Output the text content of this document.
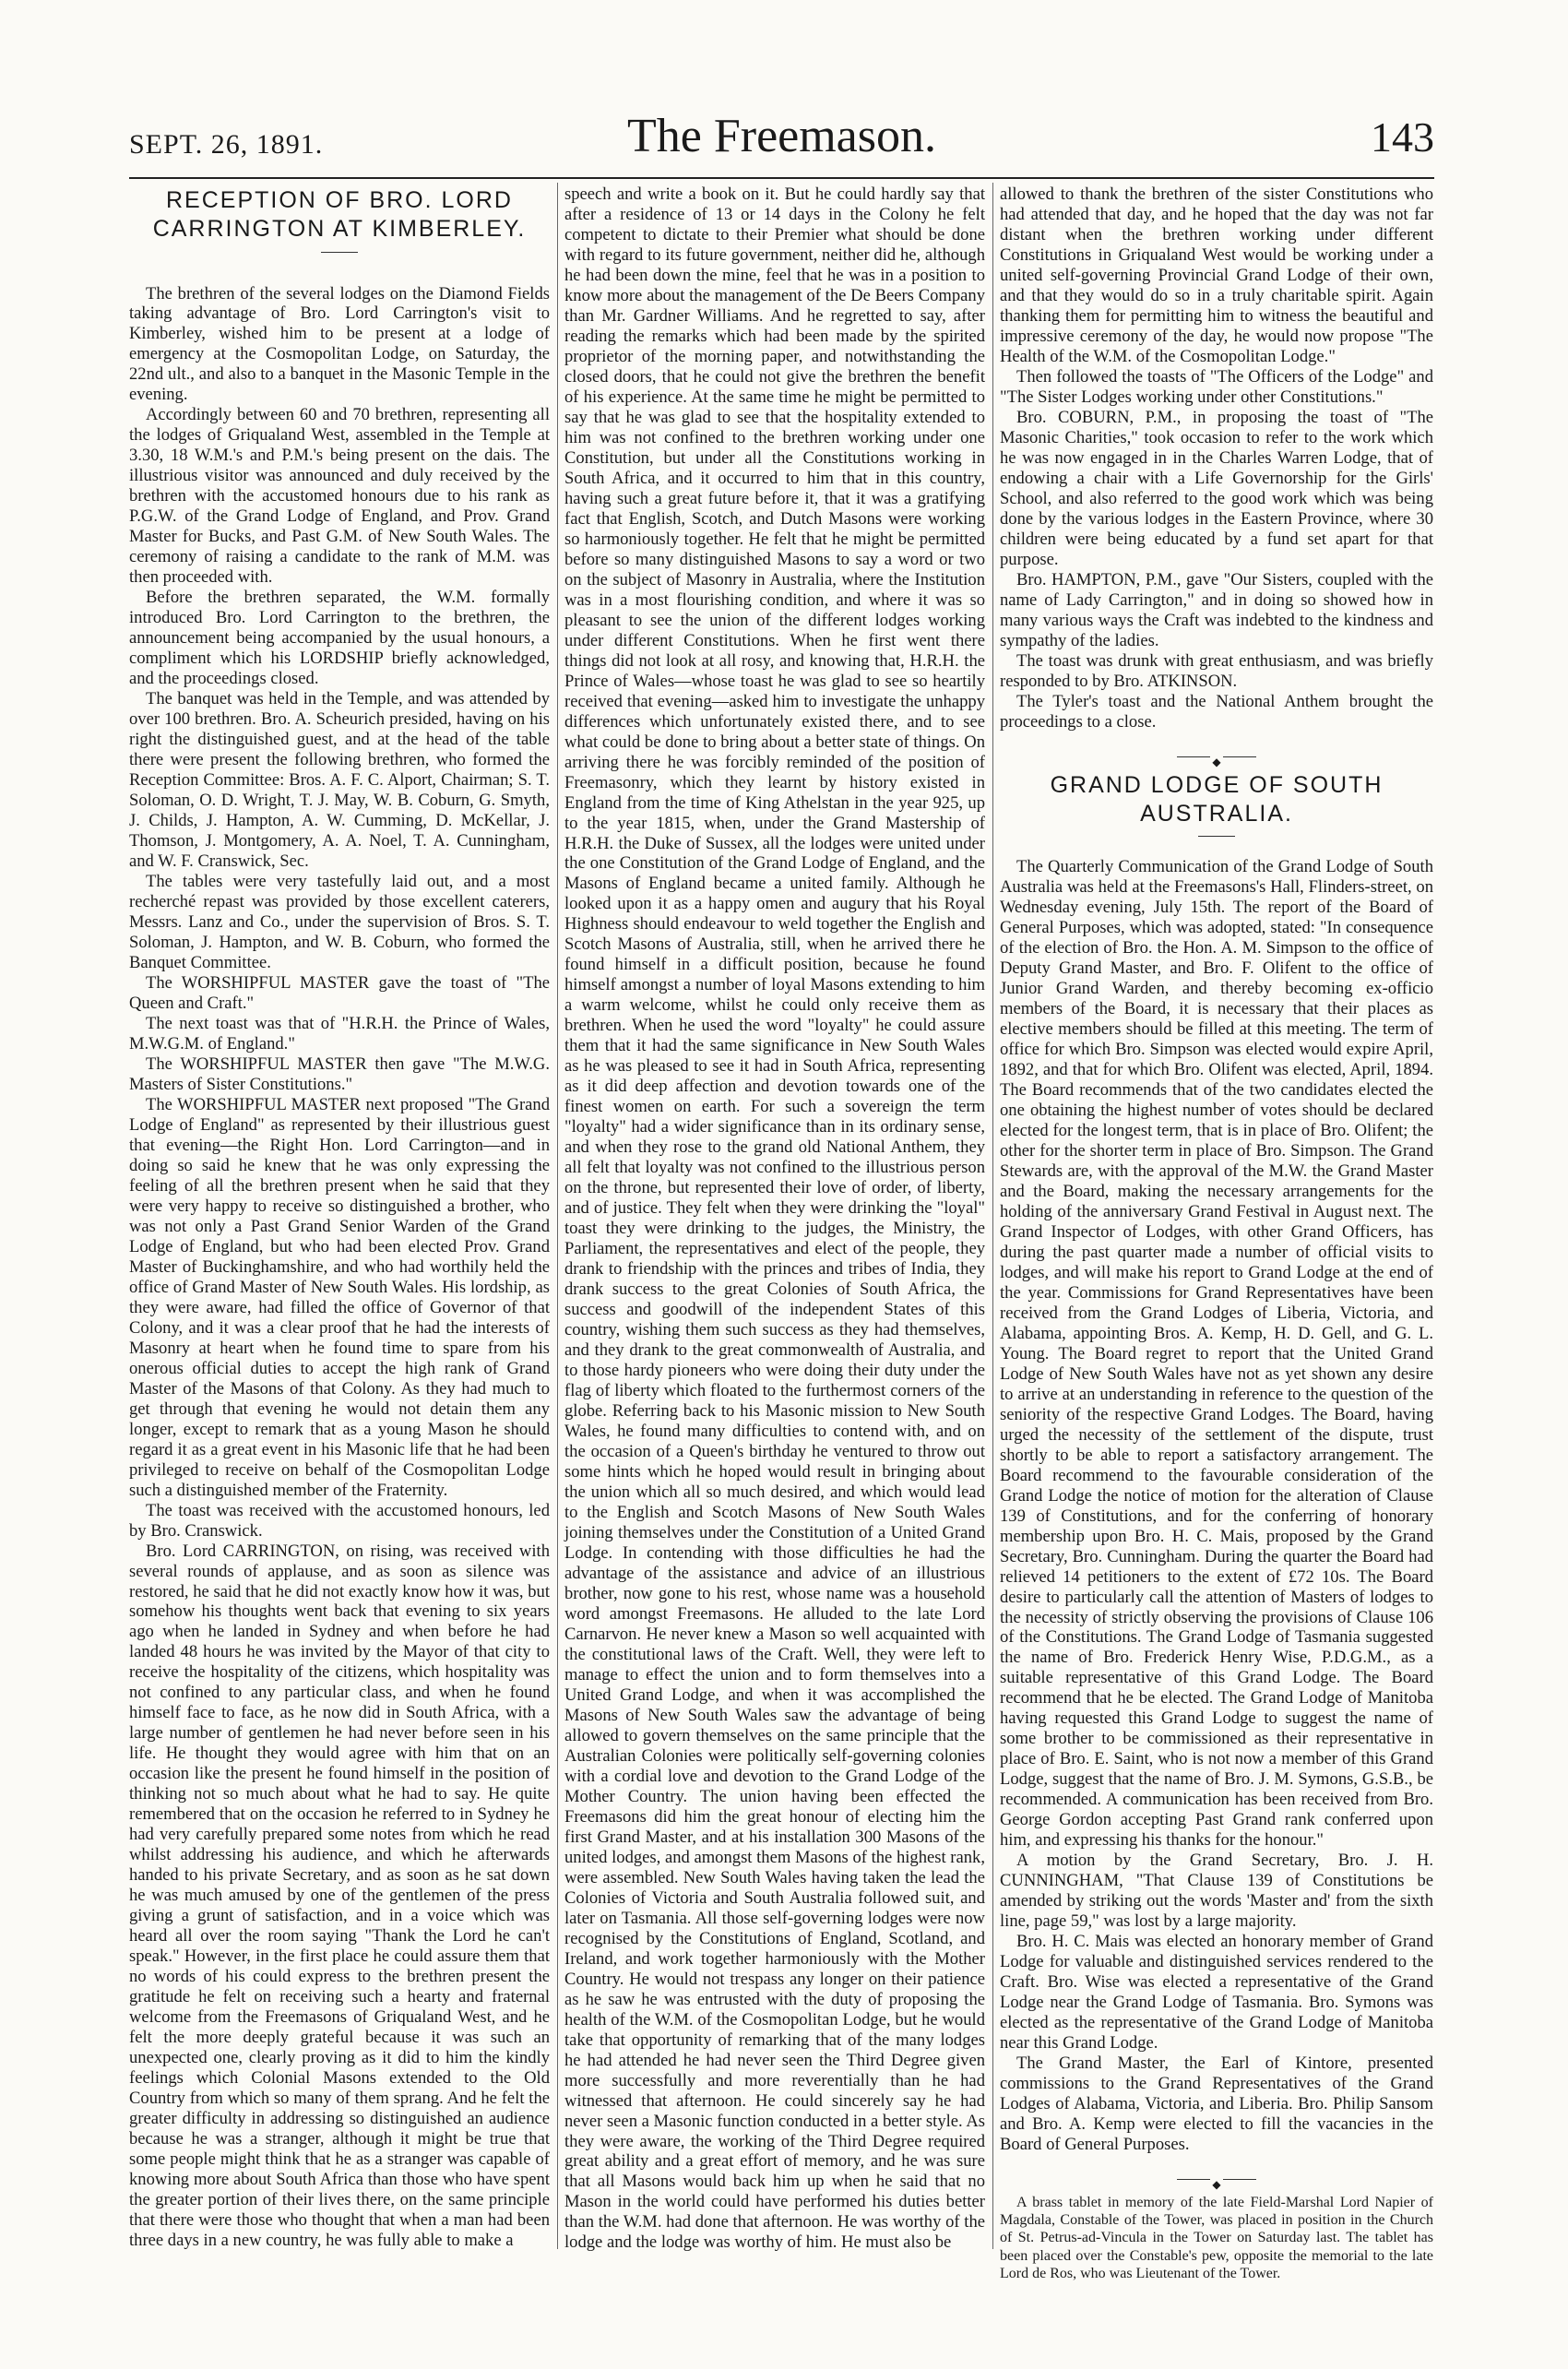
SEPT. 26, 1891.	The Freemason.	143
RECEPTION OF BRO. LORD CARRINGTON AT KIMBERLEY.

The brethren of the several lodges on the Diamond Fields taking advantage of Bro. Lord Carrington's visit to Kimberley, wished him to be present at a lodge of emergency at the Cosmopolitan Lodge, on Saturday, the 22nd ult., and also to a banquet in the Masonic Temple in the evening.

Accordingly between 60 and 70 brethren, representing all the lodges of Griqualand West, assembled in the Temple at 3.30, 18 W.M.'s and P.M.'s being present on the dais. The illustrious visitor was announced and duly received by the brethren with the accustomed honours due to his rank as P.G.W. of the Grand Lodge of England, and Prov. Grand Master for Bucks, and Past G.M. of New South Wales. The ceremony of raising a candidate to the rank of M.M. was then proceeded with.

Before the brethren separated, the W.M. formally introduced Bro. Lord Carrington to the brethren, the announcement being accompanied by the usual honours, a compliment which his LORDSHIP briefly acknowledged, and the proceedings closed.

The banquet was held in the Temple, and was attended by over 100 brethren. Bro. A. Scheurich presided, having on his right the distinguished guest, and at the head of the table there were present the following brethren, who formed the Reception Committee: Bros. A. F. C. Alport, Chairman; S. T. Soloman, O. D. Wright, T. J. May, W. B. Coburn, G. Smyth, J. Childs, J. Hampton, A. W. Cumming, D. McKellar, J. Thomson, J. Montgomery, A. A. Noel, T. A. Cunningham, and W. F. Cranswick, Sec.

The tables were very tastefully laid out, and a most recherché repast was provided by those excellent caterers, Messrs. Lanz and Co., under the supervision of Bros. S. T. Soloman, J. Hampton, and W. B. Coburn, who formed the Banquet Committee.

The WORSHIPFUL MASTER gave the toast of "The Queen and Craft."

The next toast was that of "H.R.H. the Prince of Wales, M.W.G.M. of England."

The WORSHIPFUL MASTER then gave "The M.W.G. Masters of Sister Constitutions."

The WORSHIPFUL MASTER next proposed "The Grand Lodge of England" as represented by their illustrious guest that evening—the Right Hon. Lord Carrington—and in doing so said he knew that he was only expressing the feeling of all the brethren present when he said that they were very happy to receive so distinguished a brother, who was not only a Past Grand Senior Warden of the Grand Lodge of England, but who had been elected Prov. Grand Master of Buckinghamshire, and who had worthily held the office of Grand Master of New South Wales. His lordship, as they were aware, had filled the office of Governor of that Colony, and it was a clear proof that he had the interests of Masonry at heart when he found time to spare from his onerous official duties to accept the high rank of Grand Master of the Masons of that Colony. As they had much to get through that evening he would not detain them any longer, except to remark that as a young Mason he should regard it as a great event in his Masonic life that he had been privileged to receive on behalf of the Cosmopolitan Lodge such a distinguished member of the Fraternity.

The toast was received with the accustomed honours, led by Bro. Cranswick.

Bro. Lord CARRINGTON, on rising, was received with several rounds of applause, and as soon as silence was restored, he said that he did not exactly know how it was, but somehow his thoughts went back that evening to six years ago when he landed in Sydney and when before he had landed 48 hours he was invited by the Mayor of that city to receive the hospitality of the citizens, which hospitality was not confined to any particular class, and when he found himself face to face, as he now did in South Africa, with a large number of gentlemen he had never before seen in his life. He thought they would agree with him that on an occasion like the present he found himself in the position of thinking not so much about what he had to say. He quite remembered that on the occasion he referred to in Sydney he had very carefully prepared some notes from which he read whilst addressing his audience, and which he afterwards handed to his private Secretary, and as soon as he sat down he was much amused by one of the gentlemen of the press giving a grunt of satisfaction, and in a voice which was heard all over the room saying "Thank the Lord he can't speak." However, in the first place he could assure them that no words of his could express to the brethren present the gratitude he felt on receiving such a hearty and fraternal welcome from the Freemasons of Griqualand West, and he felt the more deeply grateful because it was such an unexpected one, clearly proving as it did to him the kindly feelings which Colonial Masons extended to the Old Country from which so many of them sprang. And he felt the greater difficulty in addressing so distinguished an audience because he was a stranger, although it might be true that some people might think that he as a stranger was capable of knowing more about South Africa than those who have spent the greater portion of their lives there, on the same principle that there were those who thought that when a man had been three days in a new country, he was fully able to make a

speech and write a book on it. But he could hardly say that after a residence of 13 or 14 days in the Colony he felt competent to dictate to their Premier what should be done with regard to its future government, neither did he, although he had been down the mine, feel that he was in a position to know more about the management of the De Beers Company than Mr. Gardner Williams. And he regretted to say, after reading the remarks which had been made by the spirited proprietor of the morning paper, and notwithstanding the closed doors, that he could not give the brethren the benefit of his experience. At the same time he might be permitted to say that he was glad to see that the hospitality extended to him was not confined to the brethren working under one Constitution, but under all the Constitutions working in South Africa, and it occurred to him that in this country, having such a great future before it, that it was a gratifying fact that English, Scotch, and Dutch Masons were working so harmoniously together. He felt that he might be permitted before so many distinguished Masons to say a word or two on the subject of Masonry in Australia, where the Institution was in a most flourishing condition, and where it was so pleasant to see the union of the different lodges working under different Constitutions. When he first went there things did not look at all rosy, and knowing that, H.R.H. the Prince of Wales—whose toast he was glad to see so heartily received that evening—asked him to investigate the unhappy differences which unfortunately existed there, and to see what could be done to bring about a better state of things. On arriving there he was forcibly reminded of the position of Freemasonry, which they learnt by history existed in England from the time of King Athelstan in the year 925, up to the year 1815, when, under the Grand Mastership of H.R.H. the Duke of Sussex, all the lodges were united under the one Constitution of the Grand Lodge of England, and the Masons of England became a united family. Although he looked upon it as a happy omen and augury that his Royal Highness should endeavour to weld together the English and Scotch Masons of Australia, still, when he arrived there he found himself in a difficult position, because he found himself amongst a number of loyal Masons extending to him a warm welcome, whilst he could only receive them as brethren. When he used the word "loyalty" he could assure them that it had the same significance in New South Wales as he was pleased to see it had in South Africa, representing as it did deep affection and devotion towards one of the finest women on earth. For such a sovereign the term "loyalty" had a wider significance than in its ordinary sense, and when they rose to the grand old National Anthem, they all felt that loyalty was not confined to the illustrious person on the throne, but represented their love of order, of liberty, and of justice. They felt when they were drinking the "loyal" toast they were drinking to the judges, the Ministry, the Parliament, the representatives and elect of the people, they drank to friendship with the princes and tribes of India, they drank success to the great Colonies of South Africa, the success and goodwill of the independent States of this country, wishing them such success as they had themselves, and they drank to the great commonwealth of Australia, and to those hardy pioneers who were doing their duty under the flag of liberty which floated to the furthermost corners of the globe. Referring back to his Masonic mission to New South Wales, he found many difficulties to contend with, and on the occasion of a Queen's birthday he ventured to throw out some hints which he hoped would result in bringing about the union which all so much desired, and which would lead to the English and Scotch Masons of New South Wales joining themselves under the Constitution of a United Grand Lodge. In contending with those difficulties he had the advantage of the assistance and advice of an illustrious brother, now gone to his rest, whose name was a household word amongst Freemasons. He alluded to the late Lord Carnarvon. He never knew a Mason so well acquainted with the constitutional laws of the Craft. Well, they were left to manage to effect the union and to form themselves into a United Grand Lodge, and when it was accomplished the Masons of New South Wales saw the advantage of being allowed to govern themselves on the same principle that the Australian Colonies were politically self-governing colonies with a cordial love and devotion to the Grand Lodge of the Mother Country. The union having been effected the Freemasons did him the great honour of electing him the first Grand Master, and at his installation 300 Masons of the united lodges, and amongst them Masons of the highest rank, were assembled. New South Wales having taken the lead the Colonies of Victoria and South Australia followed suit, and later on Tasmania. All those self-governing lodges were now recognised by the Constitutions of England, Scotland, and Ireland, and work together harmoniously with the Mother Country. He would not trespass any longer on their patience as he saw he was entrusted with the duty of proposing the health of the W.M. of the Cosmopolitan Lodge, but he would take that opportunity of remarking that of the many lodges he had attended he had never seen the Third Degree given more successfully and more reverentially than he had witnessed that afternoon. He could sincerely say he had never seen a Masonic function conducted in a better style. As they were aware, the working of the Third Degree required great ability and a great effort of memory, and he was sure that all Masons would back him up when he said that no Mason in the world could have performed his duties better than the W.M. had done that afternoon. He was worthy of the lodge and the lodge was worthy of him. He must also be

allowed to thank the brethren of the sister Constitutions who had attended that day, and he hoped that the day was not far distant when the brethren working under different Constitutions in Griqualand West would be working under a united self-governing Provincial Grand Lodge of their own, and that they would do so in a truly charitable spirit. Again thanking them for permitting him to witness the beautiful and impressive ceremony of the day, he would now propose "The Health of the W.M. of the Cosmopolitan Lodge."

Then followed the toasts of "The Officers of the Lodge" and "The Sister Lodges working under other Constitutions."

Bro. COBURN, P.M., in proposing the toast of "The Masonic Charities," took occasion to refer to the work which he was now engaged in in the Charles Warren Lodge, that of endowing a chair with a Life Governorship for the Girls' School, and also referred to the good work which was being done by the various lodges in the Eastern Province, where 30 children were being educated by a fund set apart for that purpose.

Bro. HAMPTON, P.M., gave "Our Sisters, coupled with the name of Lady Carrington," and in doing so showed how in many various ways the Craft was indebted to the kindness and sympathy of the ladies.

The toast was drunk with great enthusiasm, and was briefly responded to by Bro. ATKINSON.

The Tyler's toast and the National Anthem brought the proceedings to a close.

◆
GRAND LODGE OF SOUTH AUSTRALIA.

The Quarterly Communication of the Grand Lodge of South Australia was held at the Freemasons's Hall, Flinders-street, on Wednesday evening, July 15th. The report of the Board of General Purposes, which was adopted, stated: "In consequence of the election of Bro. the Hon. A. M. Simpson to the office of Deputy Grand Master, and Bro. F. Olifent to the office of Junior Grand Warden, and thereby becoming ex-officio members of the Board, it is necessary that their places as elective members should be filled at this meeting. The term of office for which Bro. Simpson was elected would expire April, 1892, and that for which Bro. Olifent was elected, April, 1894. The Board recommends that of the two candidates elected the one obtaining the highest number of votes should be declared elected for the longest term, that is in place of Bro. Olifent; the other for the shorter term in place of Bro. Simpson. The Grand Stewards are, with the approval of the M.W. the Grand Master and the Board, making the necessary arrangements for the holding of the anniversary Grand Festival in August next. The Grand Inspector of Lodges, with other Grand Officers, has during the past quarter made a number of official visits to lodges, and will make his report to Grand Lodge at the end of the year. Commissions for Grand Representatives have been received from the Grand Lodges of Liberia, Victoria, and Alabama, appointing Bros. A. Kemp, H. D. Gell, and G. L. Young. The Board regret to report that the United Grand Lodge of New South Wales have not as yet shown any desire to arrive at an understanding in reference to the question of the seniority of the respective Grand Lodges. The Board, having urged the necessity of the settlement of the dispute, trust shortly to be able to report a satisfactory arrangement. The Board recommend to the favourable consideration of the Grand Lodge the notice of motion for the alteration of Clause 139 of Constitutions, and for the conferring of honorary membership upon Bro. H. C. Mais, proposed by the Grand Secretary, Bro. Cunningham. During the quarter the Board had relieved 14 petitioners to the extent of £72 10s. The Board desire to particularly call the attention of Masters of lodges to the necessity of strictly observing the provisions of Clause 106 of the Constitutions. The Grand Lodge of Tasmania suggested the name of Bro. Frederick Henry Wise, P.D.G.M., as a suitable representative of this Grand Lodge. The Board recommend that he be elected. The Grand Lodge of Manitoba having requested this Grand Lodge to suggest the name of some brother to be commissioned as their representative in place of Bro. E. Saint, who is not now a member of this Grand Lodge, suggest that the name of Bro. J. M. Symons, G.S.B., be recommended. A communication has been received from Bro. George Gordon accepting Past Grand rank conferred upon him, and expressing his thanks for the honour."

A motion by the Grand Secretary, Bro. J. H. CUNNINGHAM, "That Clause 139 of Constitutions be amended by striking out the words 'Master and' from the sixth line, page 59," was lost by a large majority.

Bro. H. C. Mais was elected an honorary member of Grand Lodge for valuable and distinguished services rendered to the Craft. Bro. Wise was elected a representative of the Grand Lodge near the Grand Lodge of Tasmania. Bro. Symons was elected as the representative of the Grand Lodge of Manitoba near this Grand Lodge.

The Grand Master, the Earl of Kintore, presented commissions to the Grand Representatives of the Grand Lodges of Alabama, Victoria, and Liberia. Bro. Philip Sansom and Bro. A. Kemp were elected to fill the vacancies in the Board of General Purposes.

◆

A brass tablet in memory of the late Field-Marshal Lord Napier of Magdala, Constable of the Tower, was placed in position in the Church of St. Petrus-ad-Vincula in the Tower on Saturday last. The tablet has been placed over the Constable's pew, opposite the memorial to the late Lord de Ros, who was Lieutenant of the Tower.
